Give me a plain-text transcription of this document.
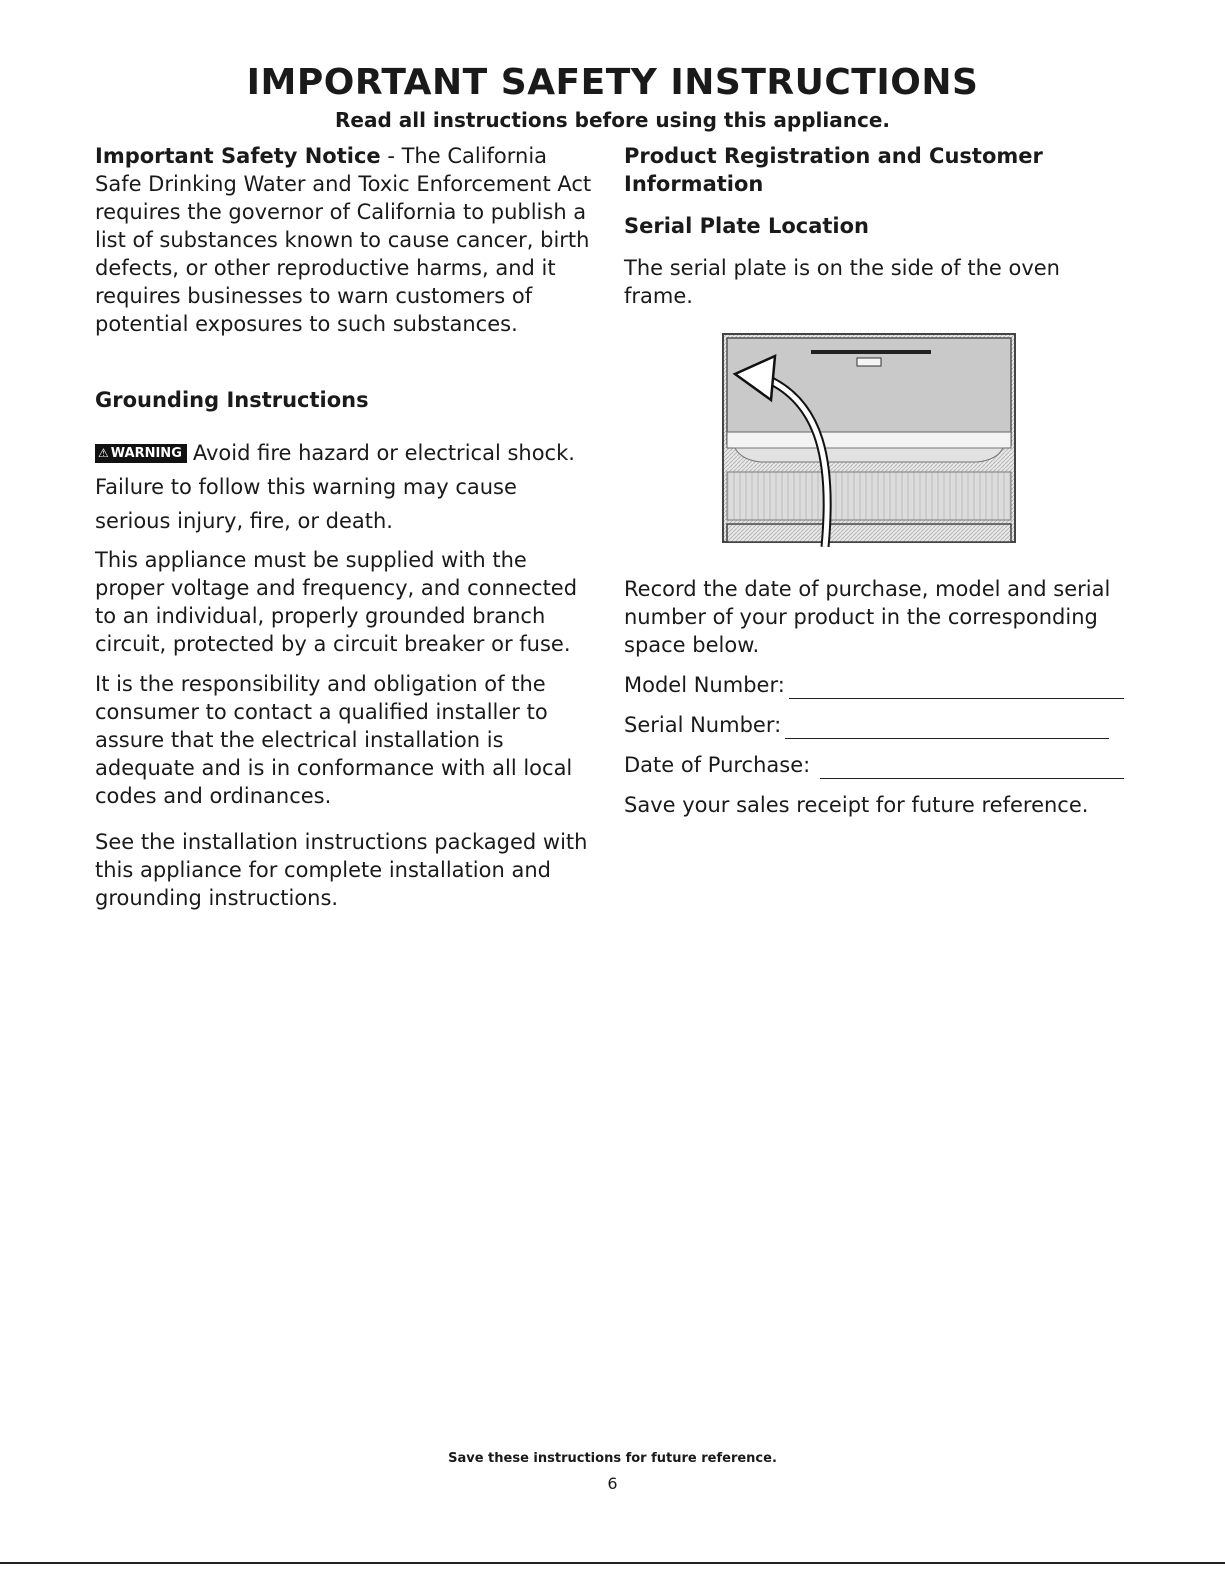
IMPORTANT SAFETY INSTRUCTIONS
Read all instructions before using this appliance.

Important Safety Notice - The California Safe Drinking Water and Toxic Enforcement Act requires the governor of California to publish a list of substances known to cause cancer, birth defects, or other reproductive harms, and it requires businesses to warn customers of potential exposures to such substances.

Grounding Instructions

⚠ WARNING Avoid fire hazard or electrical shock. Failure to follow this warning may cause serious injury, fire, or death.

This appliance must be supplied with the proper voltage and frequency, and connected to an individual, properly grounded branch circuit, protected by a circuit breaker or fuse.

It is the responsibility and obligation of the consumer to contact a qualified installer to assure that the electrical installation is adequate and is in conformance with all local codes and ordinances.

See the installation instructions packaged with this appliance for complete installation and grounding instructions.

Product Registration and Customer Information
Serial Plate Location

The serial plate is on the side of the oven frame.

Record the date of purchase, model and serial number of your product in the corresponding space below.

Model Number:
Serial Number:
Date of Purchase:

Save your sales receipt for future reference.

Save these instructions for future reference.
6
